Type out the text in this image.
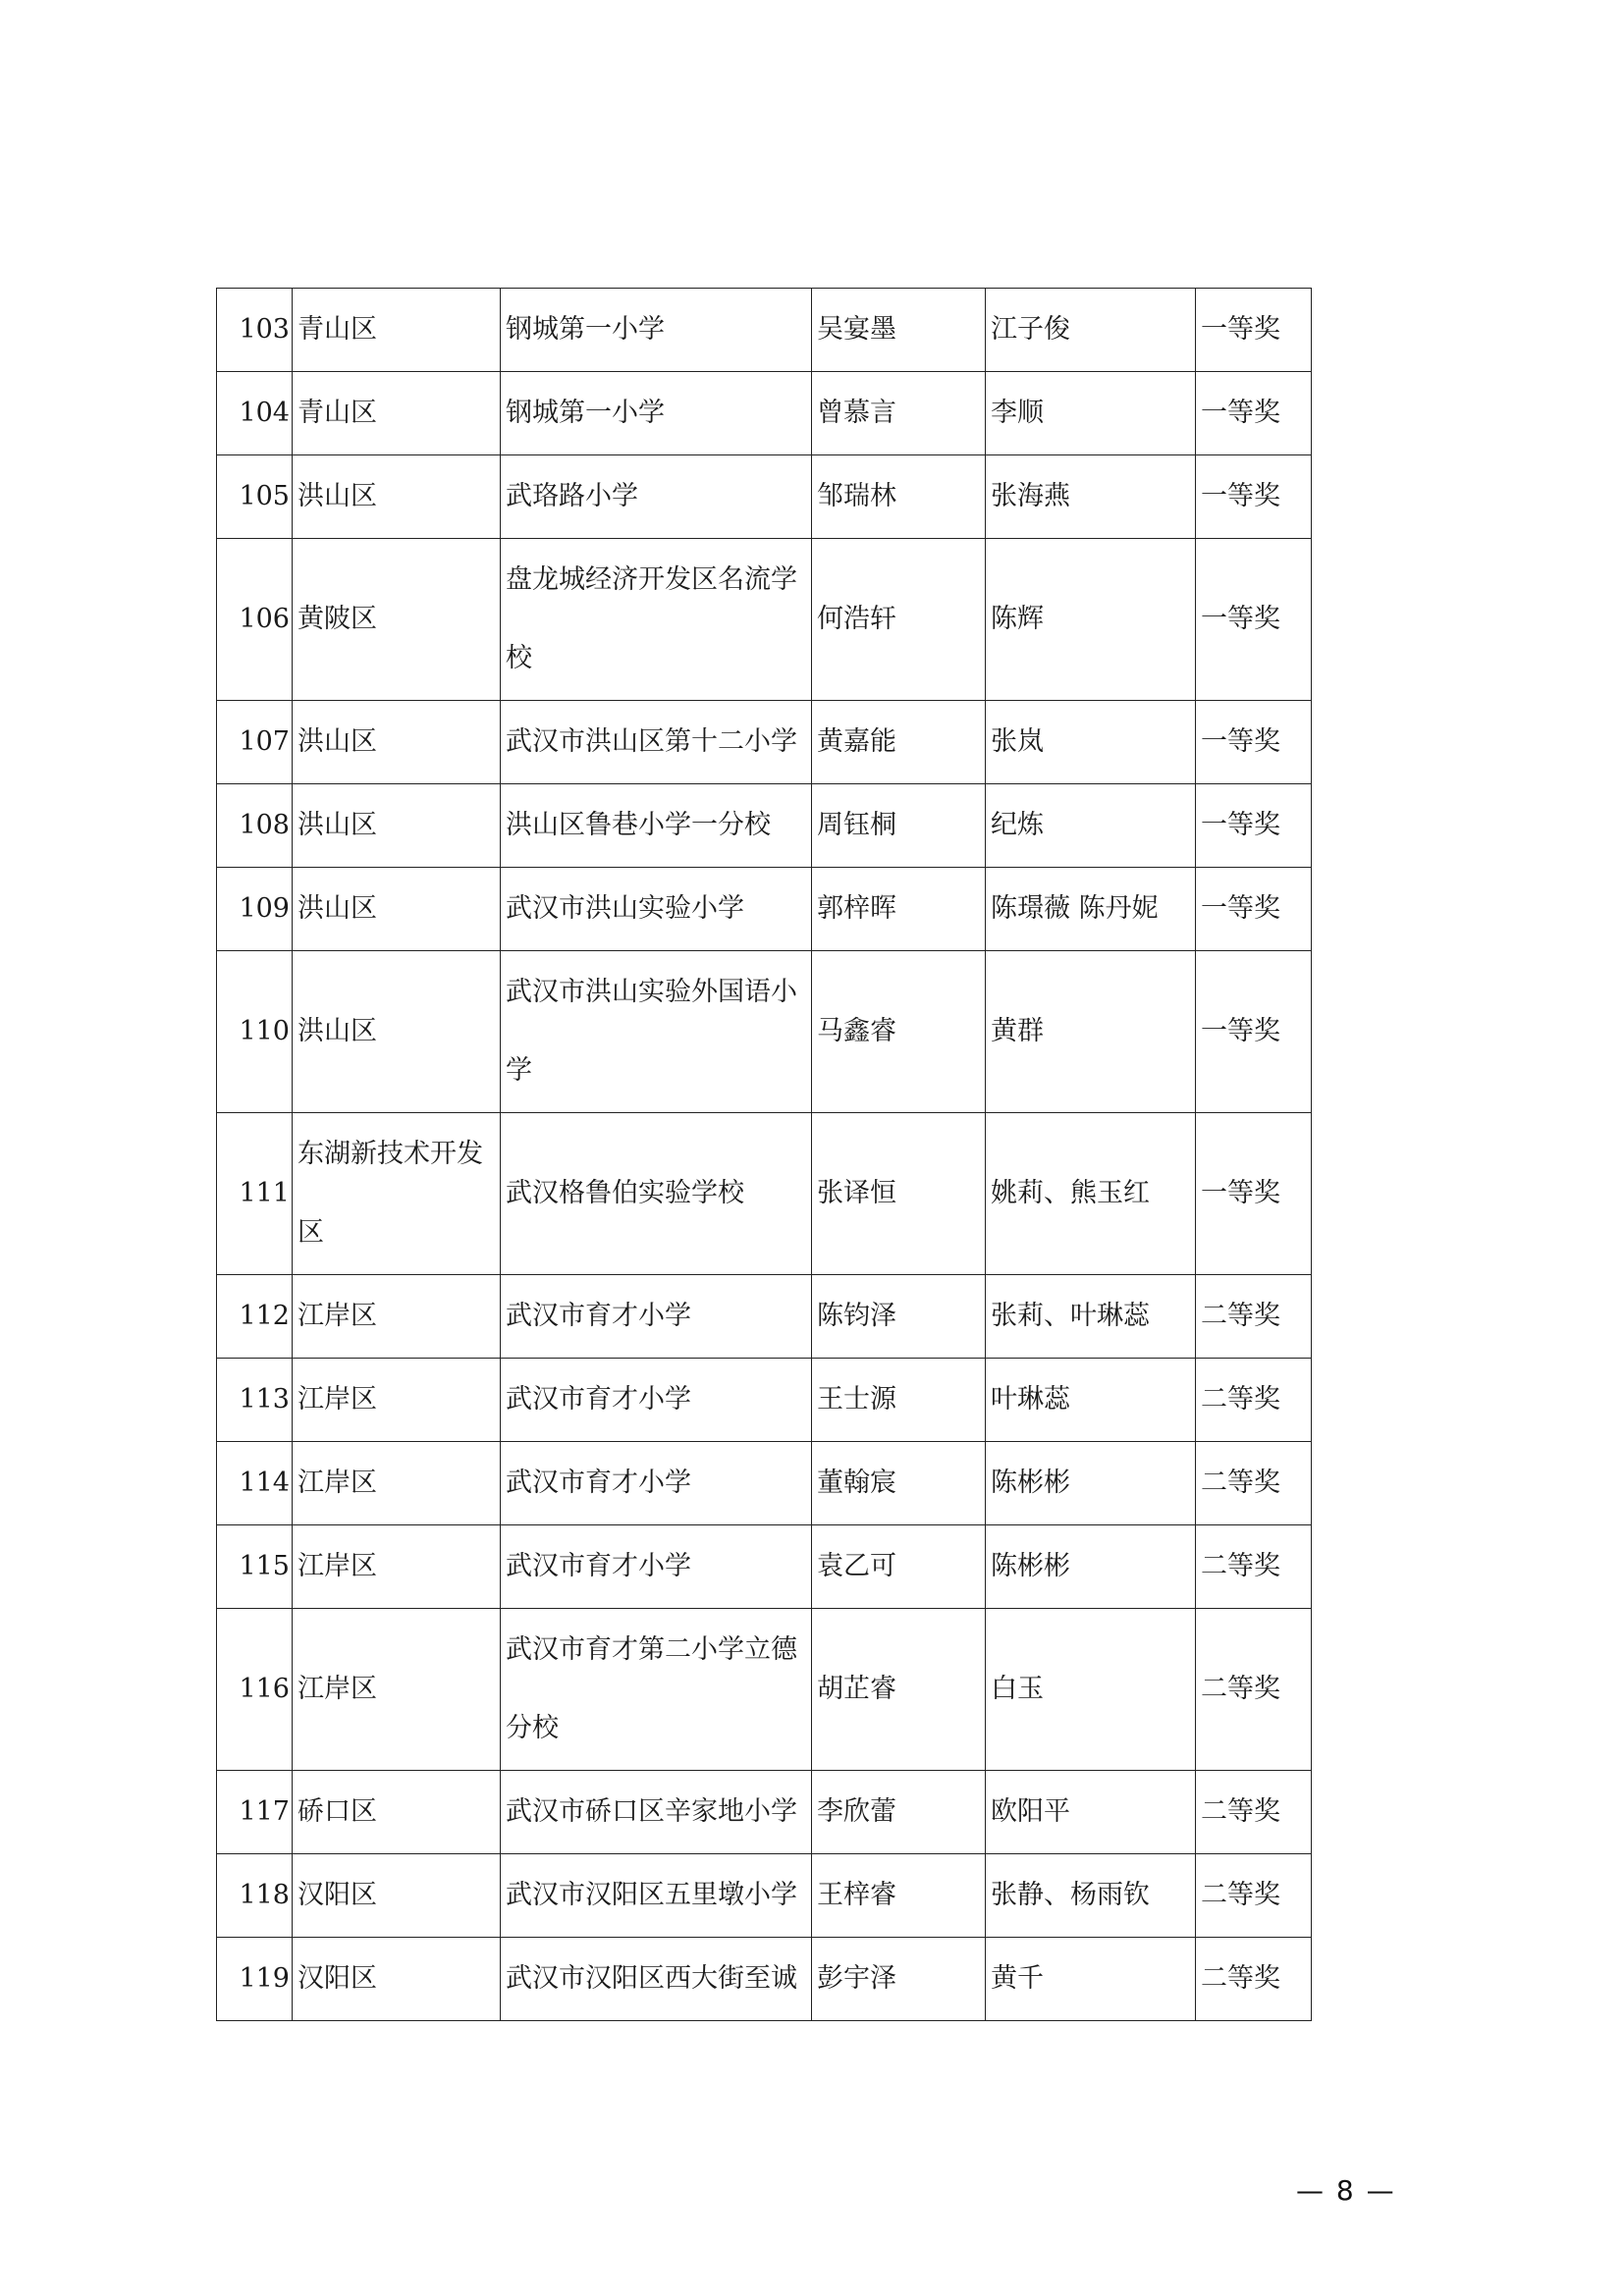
103	青山区	钢城第一小学	吴宴墨	江子俊	一等奖
104	青山区	钢城第一小学	曾慕言	李顺	一等奖
105	洪山区	武珞路小学	邹瑞林	张海燕	一等奖
106	黄陂区	盘龙城经济开发区名流学校	何浩轩	陈辉	一等奖
107	洪山区	武汉市洪山区第十二小学	黄嘉能	张岚	一等奖
108	洪山区	洪山区鲁巷小学一分校	周钰桐	纪炼	一等奖
109	洪山区	武汉市洪山实验小学	郭梓晖	陈璟薇 陈丹妮	一等奖
110	洪山区	武汉市洪山实验外国语小学	马鑫睿	黄群	一等奖
111	东湖新技术开发区	武汉格鲁伯实验学校	张译恒	姚莉、熊玉红	一等奖
112	江岸区	武汉市育才小学	陈钧泽	张莉、叶琳蕊	二等奖
113	江岸区	武汉市育才小学	王士源	叶琳蕊	二等奖
114	江岸区	武汉市育才小学	董翰宸	陈彬彬	二等奖
115	江岸区	武汉市育才小学	袁乙可	陈彬彬	二等奖
116	江岸区	武汉市育才第二小学立德分校	胡芷睿	白玉	二等奖
117	硚口区	武汉市硚口区辛家地小学	李欣蕾	欧阳平	二等奖
118	汉阳区	武汉市汉阳区五里墩小学	王梓睿	张静、杨雨钦	二等奖
119	汉阳区	武汉市汉阳区西大街至诚	彭宇泽	黄千	二等奖
— 8 —
